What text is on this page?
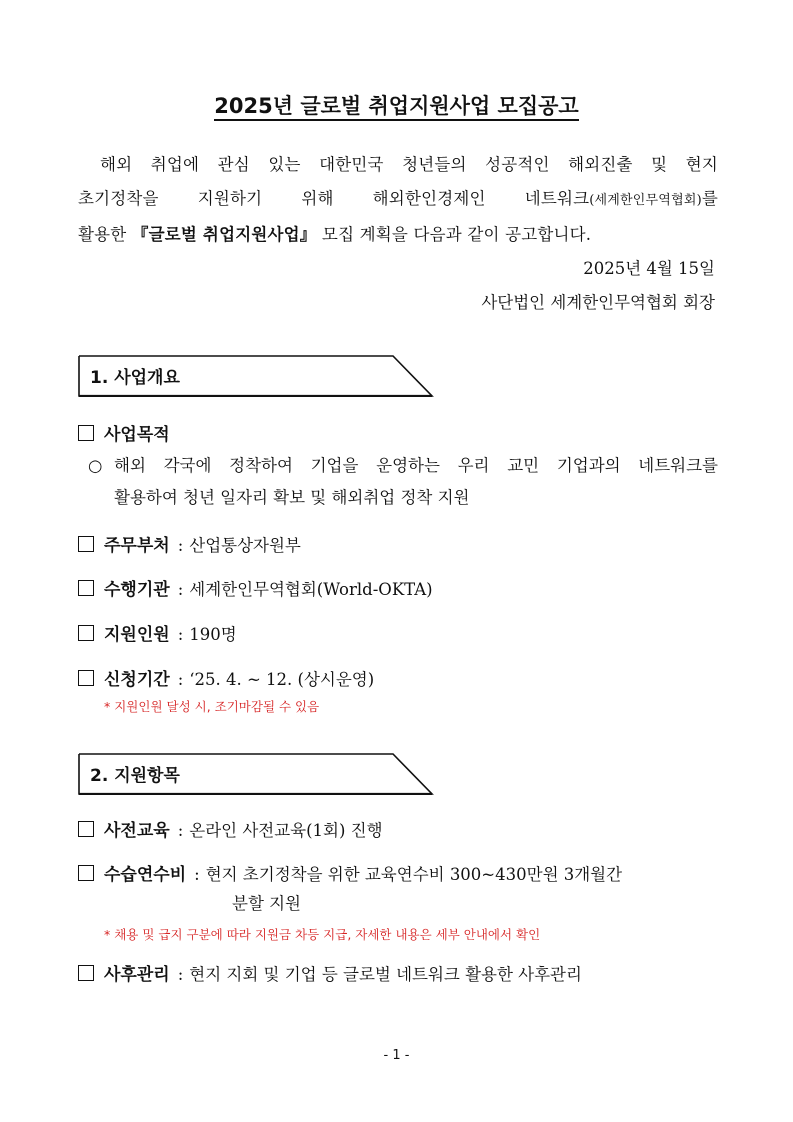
2025년 글로벌 취업지원사업 모집공고
해외 취업에 관심 있는 대한민국 청년들의 성공적인 해외진출 및 현지
초기정착을 지원하기 위해 해외한인경제인 네트워크(세계한인무역협회)를
활용한 『글로벌 취업지원사업』 모집 계획을 다음과 같이 공고합니다.
2025년 4월 15일
사단법인 세계한인무역협회 회장
1. 사업개요
사업목적
○ 해외 각국에 정착하여 기업을 운영하는 우리 교민 기업과의 네트워크를
활용하여 청년 일자리 확보 및 해외취업 정착 지원
주무부처 : 산업통상자원부
수행기관 : 세계한인무역협회(World-OKTA)
지원인원 : 190명
신청기간 : ‘25. 4. ~ 12. (상시운영)
* 지원인원 달성 시, 조기마감될 수 있음
2. 지원항목
사전교육 : 온라인 사전교육(1회) 진행
수습연수비 : 현지 초기정착을 위한 교육연수비 300~430만원 3개월간
분할 지원
* 채용 및 급지 구분에 따라 지원금 차등 지급, 자세한 내용은 세부 안내에서 확인
사후관리 : 현지 지회 및 기업 등 글로벌 네트워크 활용한 사후관리
- 1 -
